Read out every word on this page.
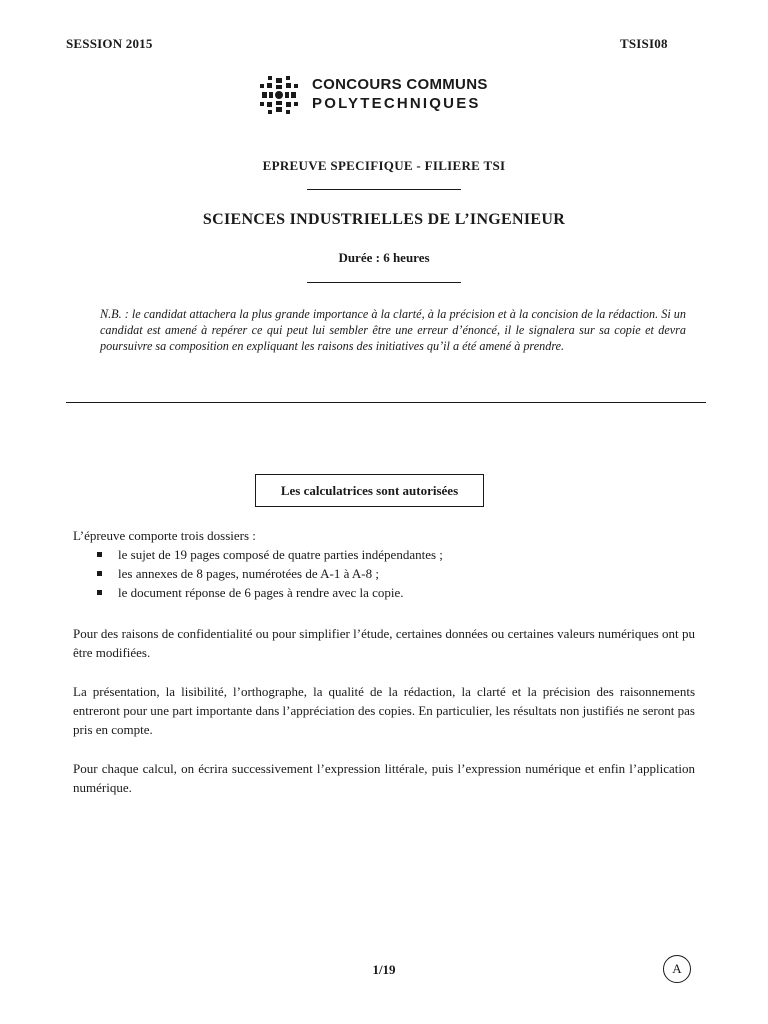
SESSION 2015	TSISI08
CONCOURS COMMUNS
POLYTECHNIQUES
EPREUVE SPECIFIQUE - FILIERE TSI
SCIENCES INDUSTRIELLES DE L’INGENIEUR
Durée : 6 heures
N.B. : le candidat attachera la plus grande importance à la clarté, à la précision et à la concision de la rédaction. Si un candidat est amené à repérer ce qui peut lui sembler être une erreur d’énoncé, il le signalera sur sa copie et devra poursuivre sa composition en expliquant les raisons des initiatives qu’il a été amené à prendre.
Les calculatrices sont autorisées
L’épreuve comporte trois dossiers :
le sujet de 19 pages composé de quatre parties indépendantes ;
les annexes de 8 pages, numérotées de A-1 à A-8 ;
le document réponse de 6 pages à rendre avec la copie.
Pour des raisons de confidentialité ou pour simplifier l’étude, certaines données ou certaines valeurs numériques ont pu être modifiées.
La présentation, la lisibilité, l’orthographe, la qualité de la rédaction, la clarté et la précision des raisonnements entreront pour une part importante dans l’appréciation des copies. En particulier, les résultats non justifiés ne seront pas pris en compte.
Pour chaque calcul, on écrira successivement l’expression littérale, puis l’expression numérique et enfin l’application numérique.
1/19	A
